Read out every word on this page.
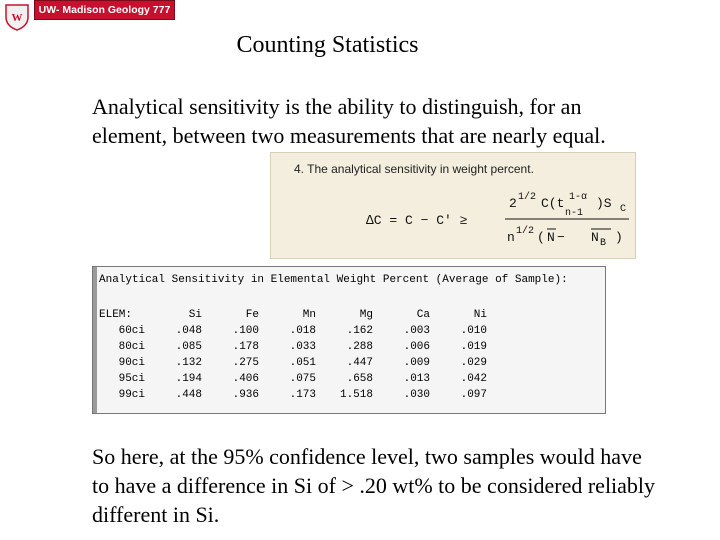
W
UW- Madison Geology 777
Counting Statistics
Analytical sensitivity is the ability to distinguish, for an element, between two measurements that are nearly equal.
4. The analytical sensitivity in weight percent.
∆C = C − C′ ≥
2 1/2 C(t 1-α
n-1
)S C
n 1/2 ( N − N B )
Analytical Sensitivity in Elemental Weight Percent (Average of Sample):
ELEM:	Si	Fe	Mn	Mg	Ca	Ni
60ci	.048	.100	.018	.162	.003	.010
80ci	.085	.178	.033	.288	.006	.019
90ci	.132	.275	.051	.447	.009	.029
95ci	.194	.406	.075	.658	.013	.042
99ci	.448	.936	.173	1.518	.030	.097
So here, at the 95% confidence level, two samples would have to have a difference in Si of > .20 wt% to be considered reliably different in Si.
